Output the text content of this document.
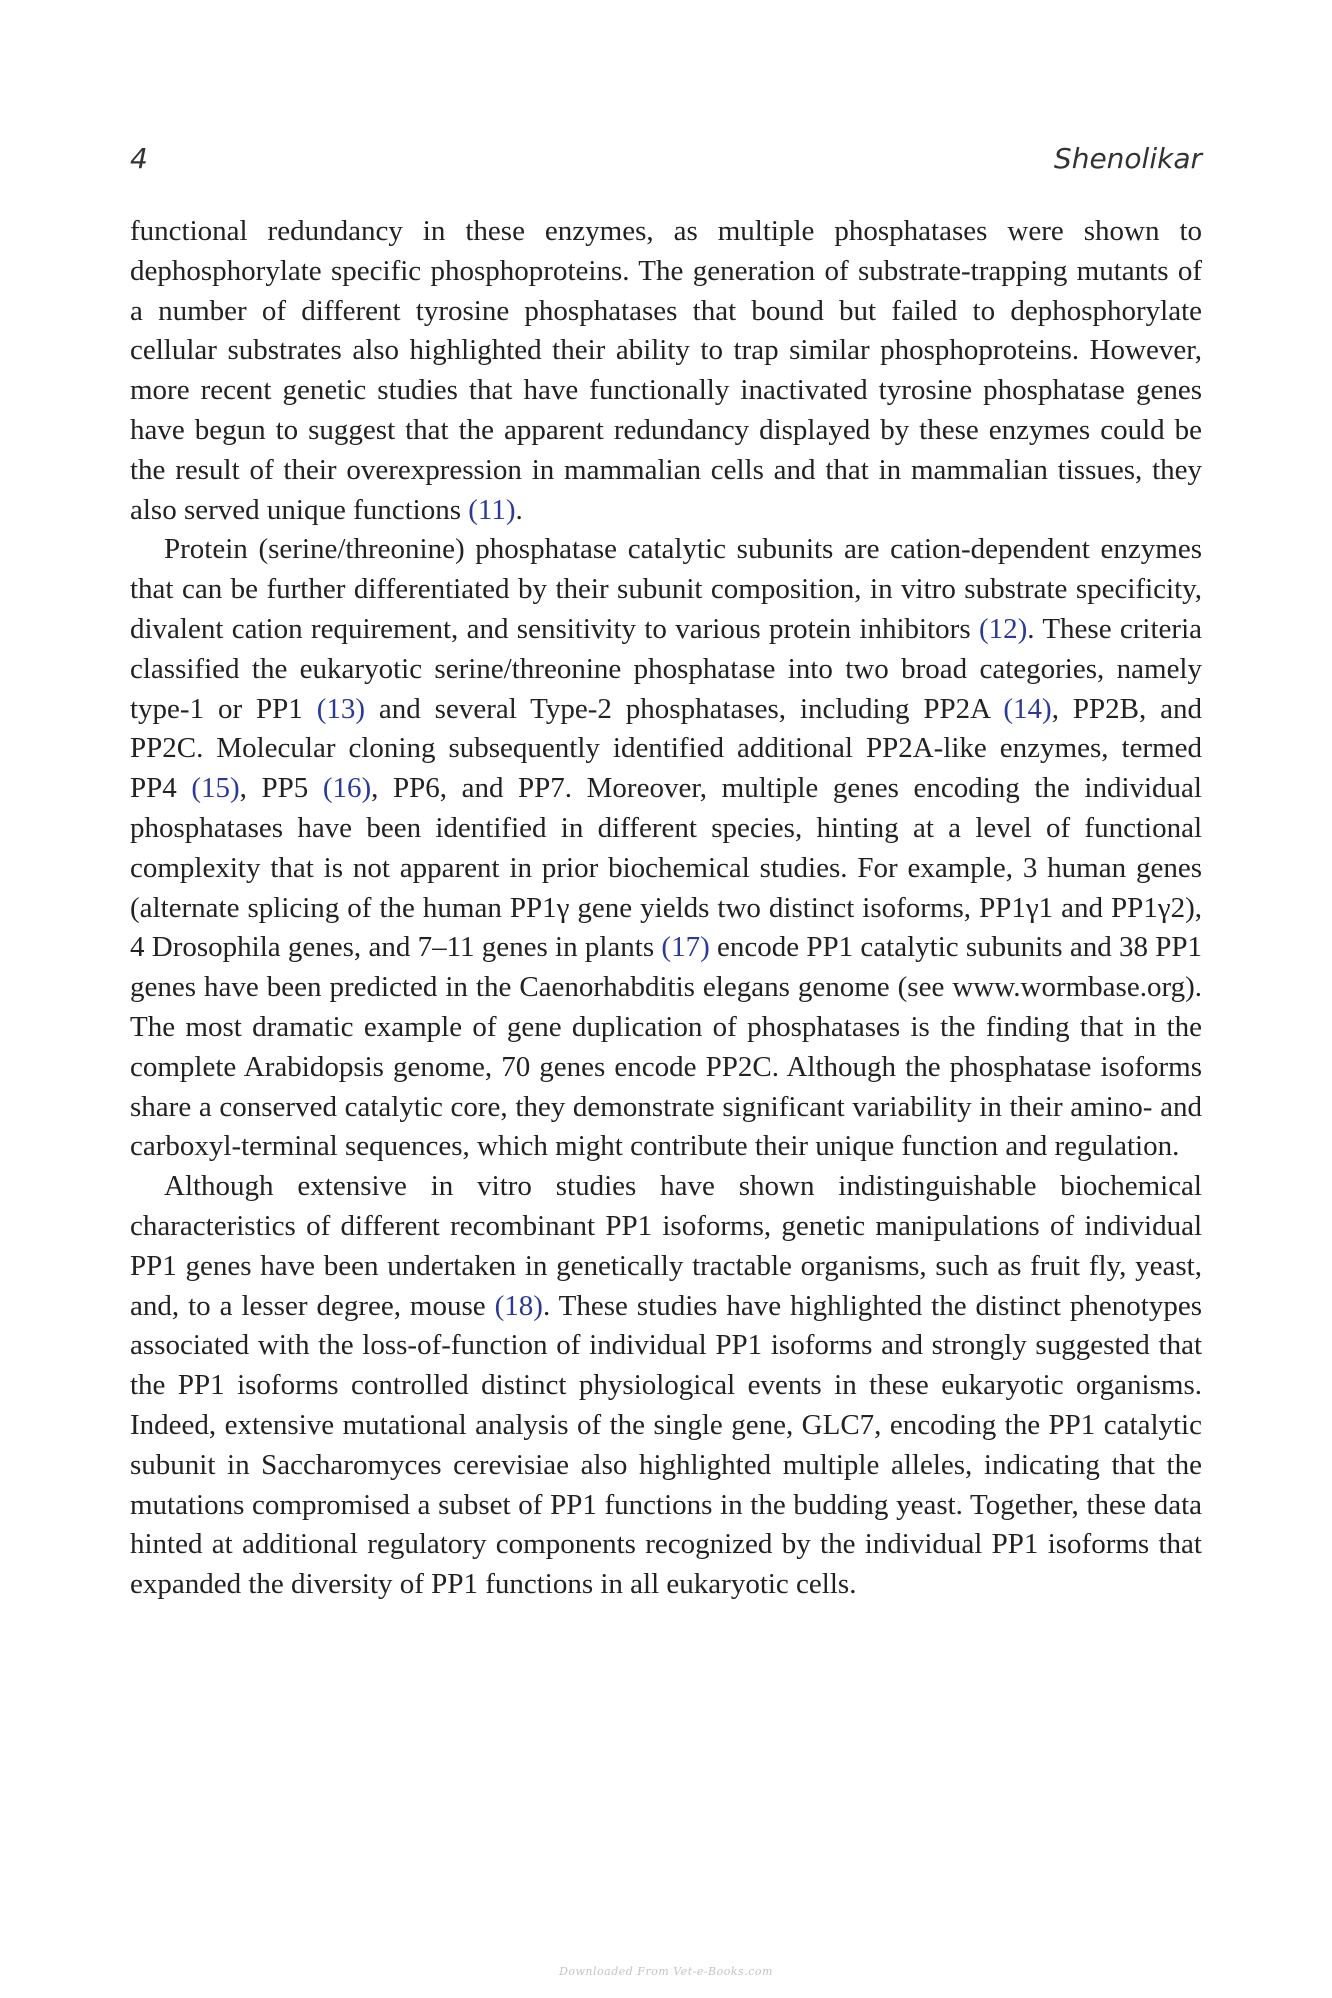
4	Shenolikar

functional redundancy in these enzymes, as multiple phosphatases were shown to dephosphorylate specific phosphoproteins. The generation of substrate-trapping mutants of a number of different tyrosine phosphatases that bound but failed to dephosphorylate cellular substrates also highlighted their ability to trap similar phosphoproteins. However, more recent genetic studies that have functionally inactivated tyrosine phosphatase genes have begun to suggest that the apparent redundancy displayed by these enzymes could be the result of their overexpression in mammalian cells and that in mammalian tissues, they also served unique functions (11).

Protein (serine/threonine) phosphatase catalytic subunits are cation-dependent enzymes that can be further differentiated by their subunit composition, in vitro substrate specificity, divalent cation requirement, and sensitivity to various protein inhibitors (12). These criteria classified the eukaryotic serine/threonine phosphatase into two broad categories, namely type-1 or PP1 (13) and several Type-2 phosphatases, including PP2A (14), PP2B, and PP2C. Molecular cloning subsequently identified additional PP2A-like enzymes, termed PP4 (15), PP5 (16), PP6, and PP7. Moreover, multiple genes encoding the individual phosphatases have been identified in different species, hinting at a level of functional complexity that is not apparent in prior biochemical studies. For example, 3 human genes (alternate splicing of the human PP1γ gene yields two distinct isoforms, PP1γ1 and PP1γ2), 4 Drosophila genes, and 7–11 genes in plants (17) encode PP1 catalytic subunits and 38 PP1 genes have been predicted in the Caenorhabditis elegans genome (see www.wormbase.org). The most dramatic example of gene duplication of phosphatases is the finding that in the complete Arabidopsis genome, 70 genes encode PP2C. Although the phosphatase isoforms share a conserved catalytic core, they demonstrate significant variability in their amino- and carboxyl-terminal sequences, which might contribute their unique function and regulation.

Although extensive in vitro studies have shown indistinguishable biochemical characteristics of different recombinant PP1 isoforms, genetic manipulations of individual PP1 genes have been undertaken in genetically tractable organisms, such as fruit fly, yeast, and, to a lesser degree, mouse (18). These studies have highlighted the distinct phenotypes associated with the loss-of-function of individual PP1 isoforms and strongly suggested that the PP1 isoforms controlled distinct physiological events in these eukaryotic organisms. Indeed, extensive mutational analysis of the single gene, GLC7, encoding the PP1 catalytic subunit in Saccharomyces cerevisiae also highlighted multiple alleles, indicating that the mutations compromised a subset of PP1 functions in the budding yeast. Together, these data hinted at additional regulatory components recognized by the individual PP1 isoforms that expanded the diversity of PP1 functions in all eukaryotic cells.

Downloaded From Vet-e-Books.com
